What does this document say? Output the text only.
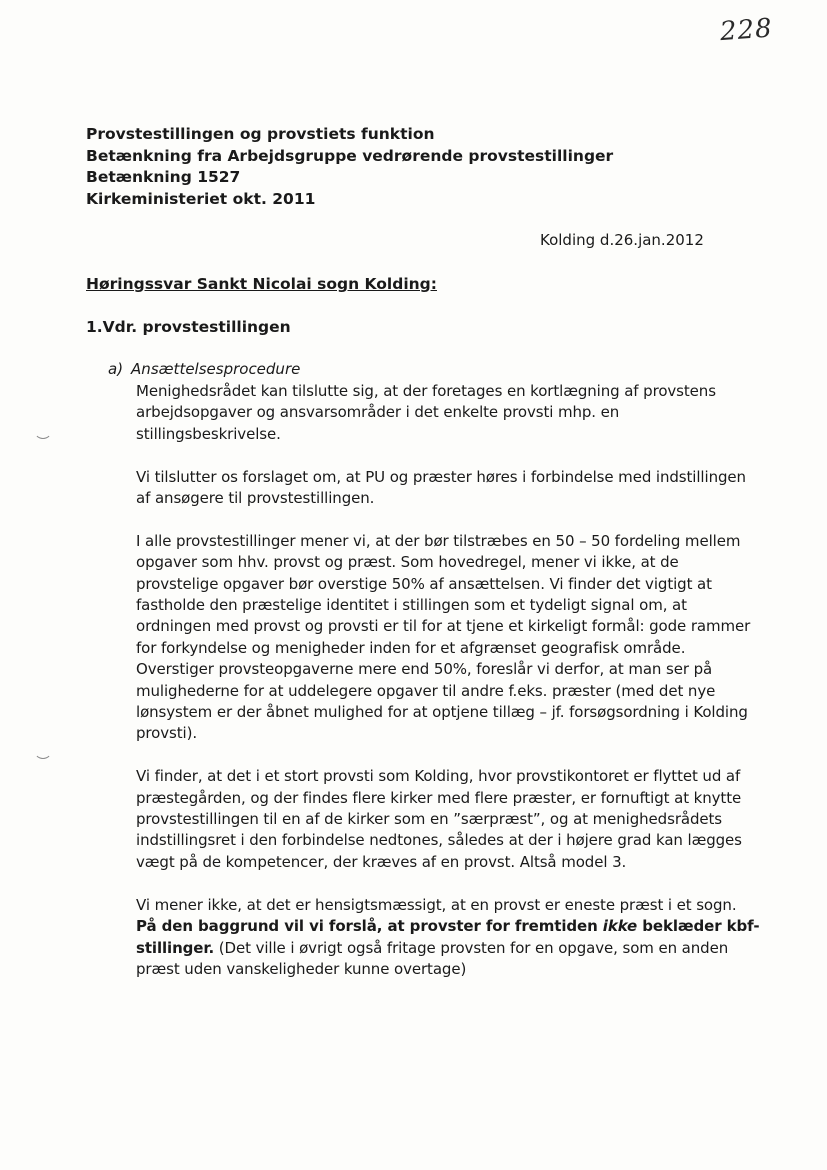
228
Provstestillingen og provstiets funktion
Betænkning fra Arbejdsgruppe vedrørende provstestillinger
Betænkning 1527
Kirkeministeriet okt. 2011
Kolding d.26.jan.2012
Høringssvar Sankt Nicolai sogn Kolding:
1.Vdr. provstestillingen
a) Ansættelsesprocedure

Menighedsrådet kan tilslutte sig, at der foretages en kortlægning af provstens arbejdsopgaver og ansvarsområder i det enkelte provsti mhp. en stillingsbeskrivelse.

Vi tilslutter os forslaget om, at PU og præster høres i forbindelse med indstillingen af ansøgere til provstestillingen.

I alle provstestillinger mener vi, at der bør tilstræbes en 50 – 50 fordeling mellem opgaver som hhv. provst og præst. Som hovedregel, mener vi ikke, at de provstelige opgaver bør overstige 50% af ansættelsen. Vi finder det vigtigt at fastholde den præstelige identitet i stillingen som et tydeligt signal om, at ordningen med provst og provsti er til for at tjene et kirkeligt formål: gode rammer for forkyndelse og menigheder inden for et afgrænset geografisk område. Overstiger provsteopgaverne mere end 50%, foreslår vi derfor, at man ser på mulighederne for at uddelegere opgaver til andre f.eks. præster (med det nye lønsystem er der åbnet mulighed for at optjene tillæg – jf. forsøgsordning i Kolding provsti).

Vi finder, at det i et stort provsti som Kolding, hvor provstikontoret er flyttet ud af præstegården, og der findes flere kirker med flere præster, er fornuftigt at knytte provstestillingen til en af de kirker som en ”særpræst”, og at menighedsrådets indstillingsret i den forbindelse nedtones, således at der i højere grad kan lægges vægt på de kompetencer, der kræves af en provst. Altså model 3.

Vi mener ikke, at det er hensigtsmæssigt, at en provst er eneste præst i et sogn. På den baggrund vil vi forslå, at provster for fremtiden ikke beklæder kbf- stillinger. (Det ville i øvrigt også fritage provsten for en opgave, som en anden præst uden vanskeligheder kunne overtage)
